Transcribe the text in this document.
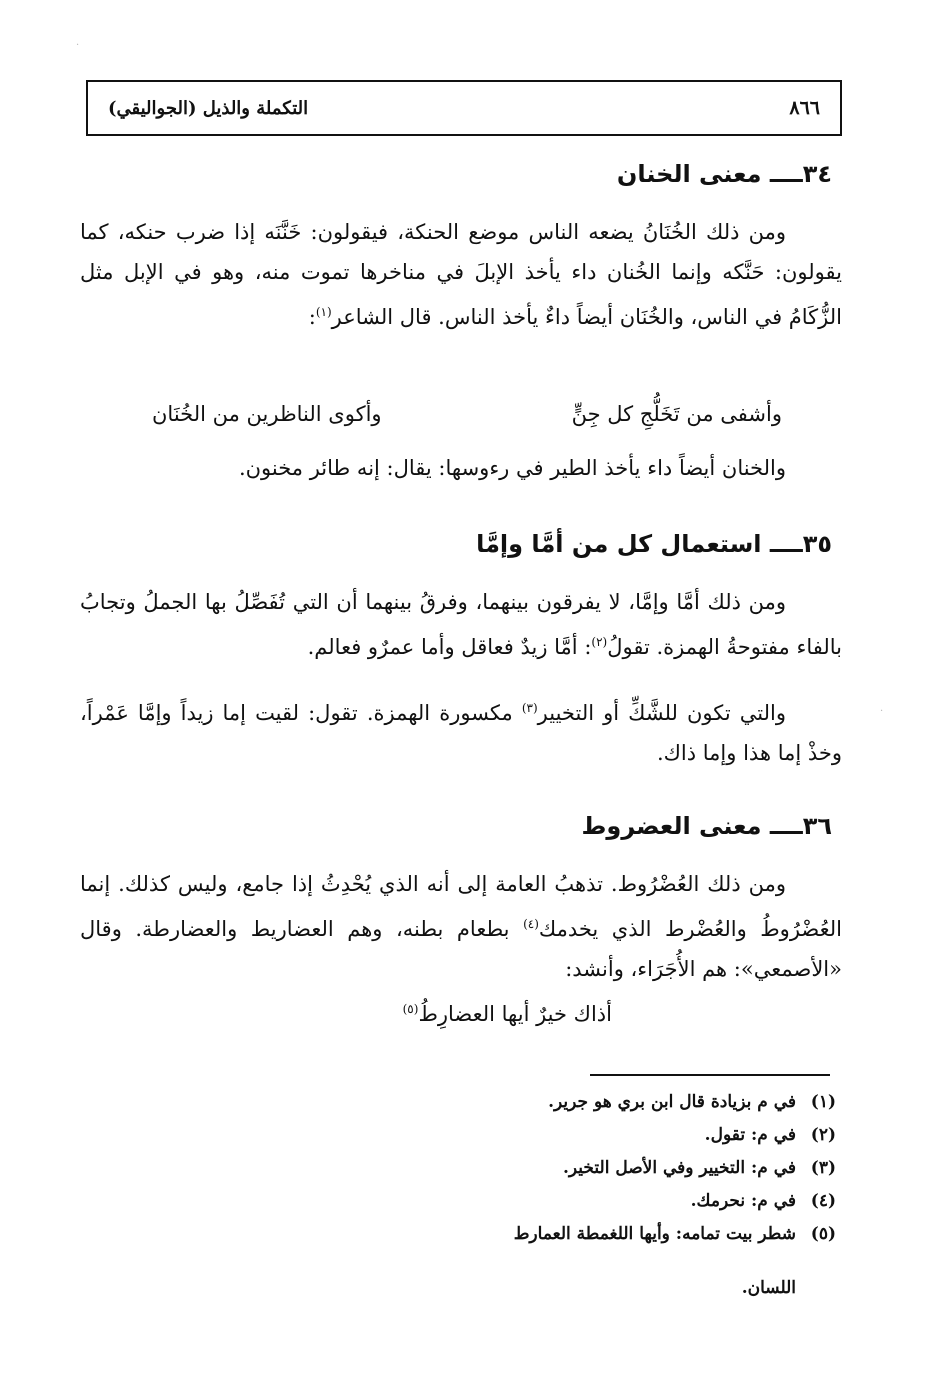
التكملة والذيل (الجواليقي)	٨٦٦
٣٤ــــ معنى الخنان

ومن ذلك الخُنَانُ يضعه الناس موضع الحنكة، فيقولون: خَنَّنَه إذا ضرب حنكه، كما يقولون: حَنَّكه وإنما الخُنان داء يأخذ الإبلَ في مناخرها تموت منه، وهو في الإبل مثل الزُّكَامُ في الناس، والخُنَان أيضاً داءٌ يأخذ الناس. قال الشاعر$^{(١)}$:

وأشفى من تَخَلُّجِ كل جِنٍّ
وأكوى الناظرين من الخُنَان

والخنان أيضاً داء يأخذ الطير في رءوسها: يقال: إنه طائر مخنون.

٣٥ــــ استعمال كل من أمَّا وإمَّا

ومن ذلك أمَّا وإمَّا، لا يفرقون بينهما، وفرقُ بينهما أن التي تُفَصِّلُ بها الجملُ وتجابُ بالفاء مفتوحةُ الهمزة. تقولُ$^{(٢)}$: أمَّا زيدٌ فعاقل وأما عمرٌو فعالم.

والتي تكون للشَّكِّ أو التخيير$^{(٣)}$ مكسورة الهمزة. تقول: لقيت إما زيداً وإمَّا عَمْراً، وخذْ إما هذا وإما ذاك.

٣٦ــــ معنى العضروط

ومن ذلك العُضْرُوط. تذهبُ العامة إلى أنه الذي يُحْدِثُ إذا جامع، وليس كذلك. إنما العُضْرُوطُ والعُضْرط الذي يخدمك$^{(٤)}$ بطعام بطنه، وهم العضاريط والعضارطة. وقال «الأصمعي»: هم الأُجَرَاء، وأنشد:

أذاك خيرٌ أيها العضارِطُ$^{(٥)}$
(١)في م بزيادة قال ابن بري هو جرير.
(٢)في م: تقول.
(٣)في م: التخيير وفي الأصل التخير.
(٤)في م: نحرمك.
(٥)شطر بيت تمامه: وأيها اللغمطة العمارط
اللسان.
·
·
